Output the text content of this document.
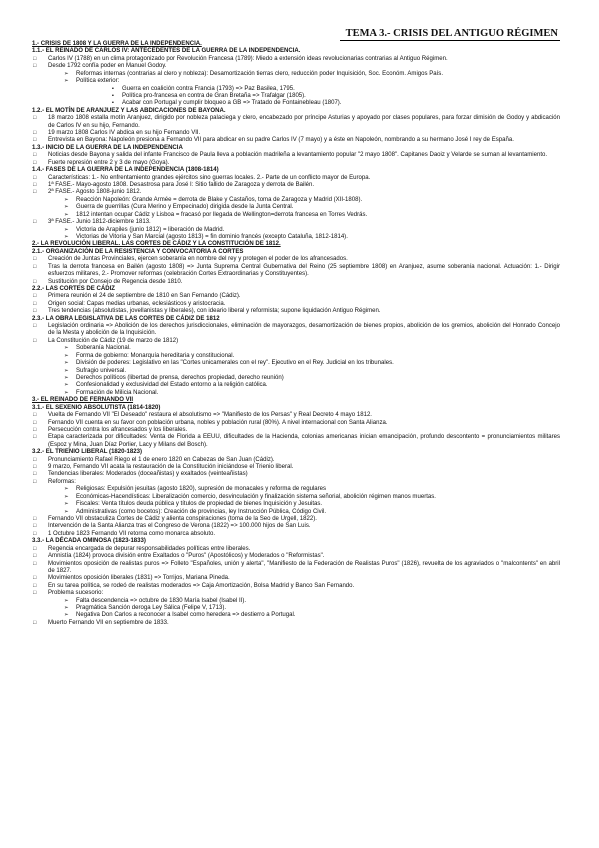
TEMA 3.- CRISIS DEL ANTIGUO RÉGIMEN
1.- CRISIS DE 1808 Y LA GUERRA DE LA INDEPENDENCIA.
1.1.- EL REINADO DE CARLOS IV: ANTECEDENTES DE LA GUERRA DE LA INDEPENDENCIA.
□ Carlos IV (1788) en un clima protagonizado por Revolución Francesa (1789): Miedo a extensión ideas revolucionarias contrarias al Antiguo Régimen.
□ Desde 1792 confía poder en Manuel Godoy.
➢ Reformas internas (contrarias al clero y nobleza): Desamortización tierras clero, reducción poder Inquisición, Soc. Económ. Amigos País.
➢ Política exterior:
▪ Guerra en coalición contra Francia (1793) => Paz Basilea, 1795.
▪ Política pro-francesa en contra de Gran Bretaña => Trafalgar (1805).
▪ Acabar con Portugal y cumplir bloqueo a GB => Tratado de Fontainebleau (1807).
1.2.- EL MOTÍN DE ARANJUEZ Y LAS ABDICACIONES DE BAYONA.
□ 18 marzo 1808 estalla motín Aranjuez, dirigido por nobleza palaciega y clero, encabezado por príncipe Asturias y apoyado por clases populares, para forzar dimisión de Godoy y abdicación de Carlos IV en su hijo, Fernando.
□ 19 marzo 1808 Carlos IV abdica en su hijo Fernando VII.
□ Entrevista en Bayona: Napoleón presiona a Fernando VII para abdicar en su padre Carlos IV (7 mayo) y a éste en Napoleón, nombrando a su hermano José I rey de España.
1.3.- INICIO DE LA GUERRA DE LA INDEPENDENCIA
□ Noticias desde Bayona y salida del infante Francisco de Paula lleva a población madrileña a levantamiento popular "2 mayo 1808". Capitanes Daoiz y Velarde se suman al levantamiento.
□ Fuerte represión entre 2 y 3 de mayo (Goya).
1.4.- FASES DE LA GUERRA DE LA INDEPENDENCIA (1808-1814)
□ Características: 1.- No enfrentamiento grandes ejércitos sino guerras locales. 2.- Parte de un conflicto mayor de Europa.
□ 1ª FASE.- Mayo-agosto 1808. Desastrosa para José I: Sitio fallido de Zaragoza y derrota de Bailén.
□ 2ª FASE.- Agosto 1808-junio 1812.
➢ Reacción Napoleón: Grande Armée = derrota de Blake y Castaños, toma de Zaragoza y Madrid (XII-1808).
➢ Guerra de guerrillas (Cura Merino y Empecinado) dirigida desde la Junta Central.
➢ 1812 intentan ocupar Cádiz y Lisboa = fracasó por llegada de Wellington=derrota francesa en Torres Vedrás.
□ 3ª FASE.- Junio 1812-diciembre 1813.
➢ Victoria de Arapiles (junio 1812) = liberación de Madrid.
➢ Victorias de Vitoria y San Marcial (agosto 1813) = fin dominio francés (excepto Cataluña, 1812-1814).
2.- LA REVOLUCIÓN LIBERAL. LAS CORTES DE CÁDIZ Y LA CONSTITUCIÓN DE 1812.
2.1.- ORGANIZACIÓN DE LA RESISTENCIA Y CONVOCATORIA A CORTES
□ Creación de Juntas Provinciales, ejercen soberanía en nombre del rey y protegen el poder de los afrancesados.
□ Tras la derrota francesa en Bailén (agosto 1808) => Junta Suprema Central Gubernativa del Reino (25 septiembre 1808) en Aranjuez, asume soberanía nacional. Actuación: 1.- Dirigir esfuerzos militares, 2.- Promover reformas (celebración Cortes Extraordinarias y Constituyentes).
□ Sustitución por Consejo de Regencia desde 1810.
2.2.- LAS CORTES DE CÁDIZ
□ Primera reunión el 24 de septiembre de 1810 en San Fernando (Cádiz).
□ Origen social: Capas medias urbanas, eclesiásticos y aristocracia.
□ Tres tendencias (absolutistas, jovellanistas y liberales), con ideario liberal y reformista; supone liquidación Antiguo Régimen.
2.3.- LA OBRA LEGISLATIVA DE LAS CORTES DE CÁDIZ DE 1812
□ Legislación ordinaria => Abolición de los derechos jurisdiccionales, eliminación de mayorazgos, desamortización de bienes propios, abolición de los gremios, abolición del Honrado Concejo de la Mesta y abolición de la Inquisición.
□ La Constitución de Cádiz (19 de marzo de 1812)
➢ Soberanía Nacional.
➢ Forma de gobierno: Monarquía hereditaria y constitucional.
➢ División de poderes: Legislativo en las "Cortes unicamerales con el rey". Ejecutivo en el Rey. Judicial en los tribunales.
➢ Sufragio universal.
➢ Derechos políticos (libertad de prensa, derechos propiedad, derecho reunión)
➢ Confesionalidad y exclusividad del Estado entorno a la religión católica.
➢ Formación de Milicia Nacional.
3.- EL REINADO DE FERNANDO VII
3.1.- EL SEXENIO ABSOLUTISTA (1814-1820)
□ Vuelta de Fernando VII "El Deseado" restaura el absolutismo => "Manifiesto de los Persas" y Real Decreto 4 mayo 1812.
□ Fernando VII cuenta en su favor con población urbana, nobles y población rural (80%). A nivel internacional con Santa Alianza.
□ Persecución contra los afrancesados y los liberales.
□ Etapa caracterizada por dificultades: Venta de Florida a EEUU, dificultades de la Hacienda, colonias americanas inician emancipación, profundo descontento = pronunciamientos militares (Espoz y Mina, Juan Díaz Porlier, Lacy y Milans del Bosch).
3.2.- EL TRIENIO LIBERAL (1820-1823)
□ Pronunciamiento Rafael Riego el 1 de enero 1820 en Cabezas de San Juan (Cádiz).
□ 9 marzo, Fernando VII acata la restauración de la Constitución iniciándose el Trienio liberal.
□ Tendencias liberales: Moderados (doceañistas) y exaltados (veinteañistas)
□ Reformas:
➢ Religiosas: Expulsión jesuitas (agosto 1820), supresión de monacales y reforma de regulares
➢ Económicas-Hacendísticas: Liberalización comercio, desvinculación y finalización sistema señorial, abolición régimen manos muertas.
➢ Fiscales: Venta títulos deuda pública y títulos de propiedad de bienes Inquisición y Jesuitas.
➢ Administrativas (como bocetos): Creación de provincias, ley Instrucción Pública, Código Civil.
□ Fernando VII obstaculiza Cortes de Cádiz y alienta conspiraciones (toma de la Seo de Urgell, 1822).
□ Intervención de la Santa Alianza tras el Congreso de Verona (1822) => 100.000 hijos de San Luis.
□ 1 Octubre 1823 Fernando VII retorna como monarca absoluto.
3.3.- LA DÉCADA OMINOSA (1823-1833)
□ Regencia encargada de depurar responsabilidades políticas entre liberales.
□ Amnistía (1824) provoca división entre Exaltados o "Puros" (Apostólicos) y Moderados o "Reformistas".
□ Movimientos oposición de realistas puros => Folleto "Españoles, unión y alerta", "Manifiesto de la Federación de Realistas Puros" (1826), revuelta de los agraviados o "malcontents" en abril de 1827.
□ Movimientos oposición liberales (1831) => Torrijos, Mariana Pineda.
□ En su tarea política, se rodeó de realistas moderados => Caja Amortización, Bolsa Madrid y Banco San Fernando.
□ Problema sucesorio:
➢ Falta descendencia => octubre de 1830 María Isabel (Isabel II).
➢ Pragmática Sanción deroga Ley Sálica (Felipe V, 1713).
➢ Negativa Don Carlos a reconocer a Isabel como heredera => destierro a Portugal.
□ Muerto Fernando VII en septiembre de 1833.
